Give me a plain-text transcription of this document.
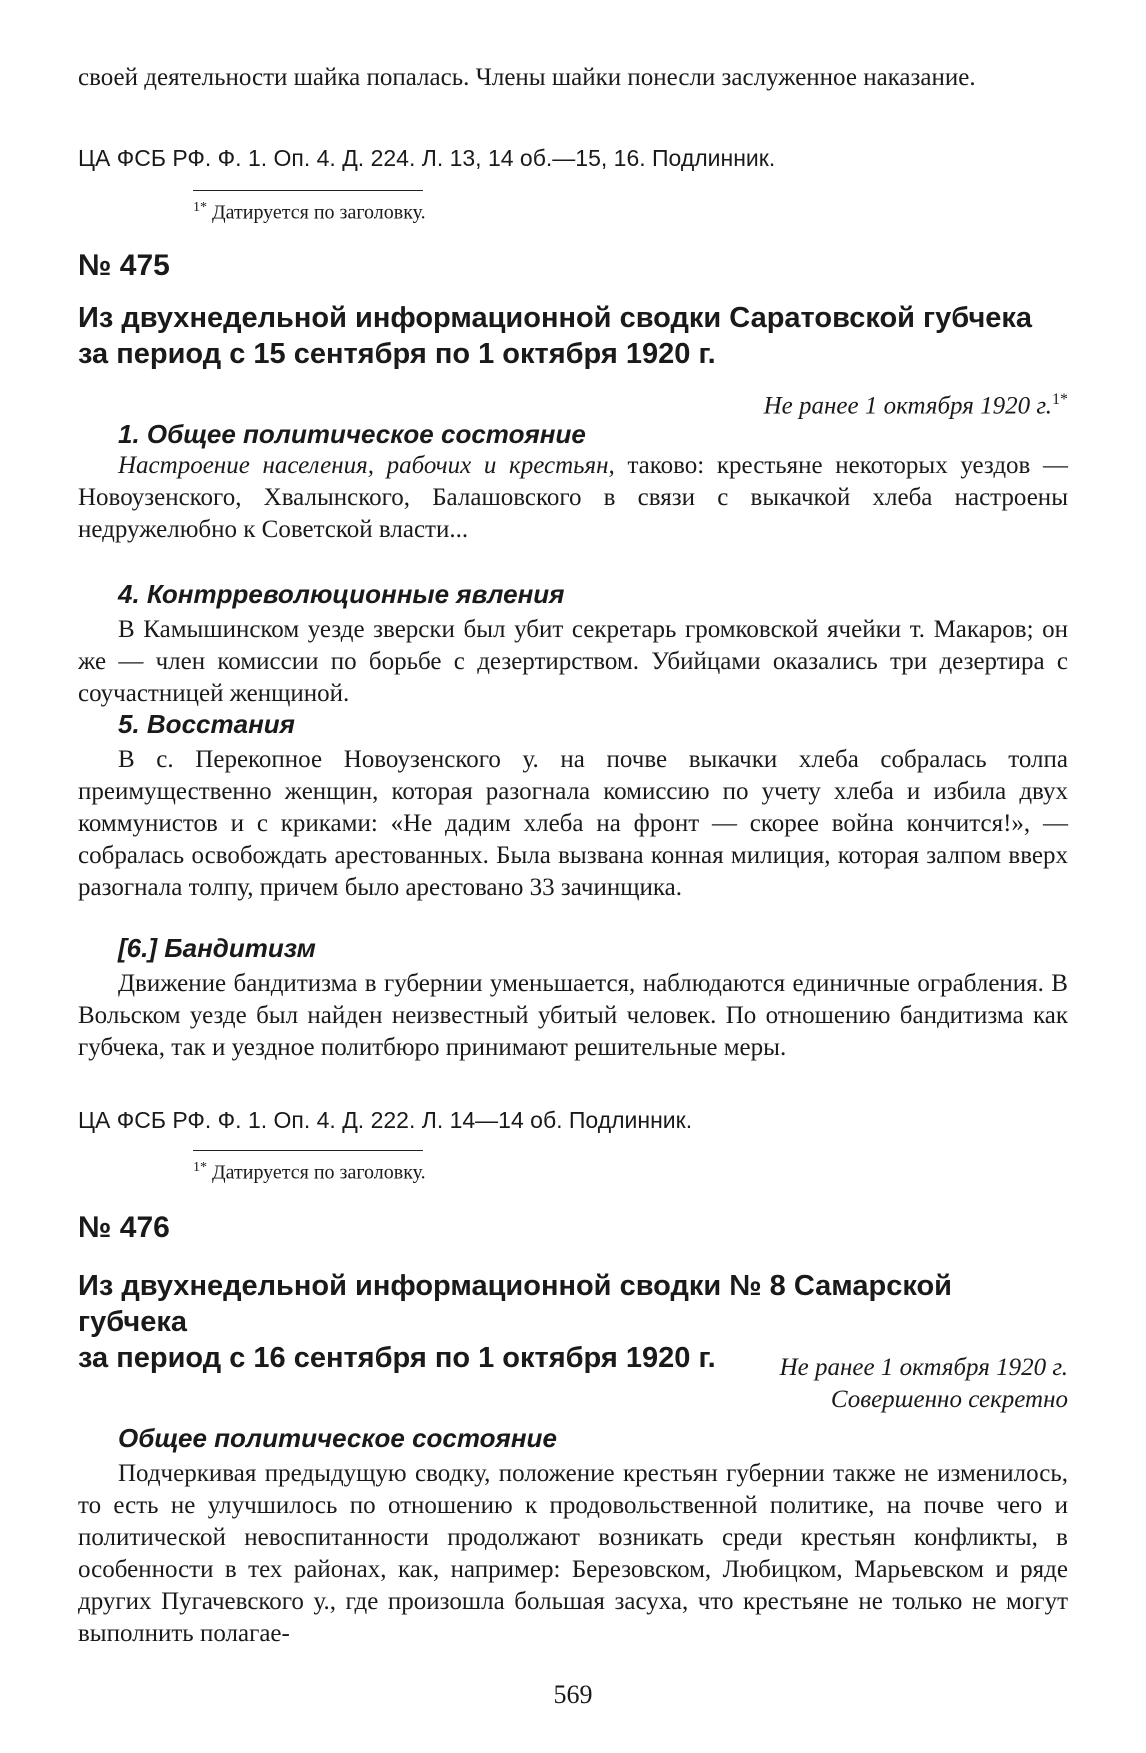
своей деятельности шайка попалась. Члены шайки понесли заслуженное наказание.

ЦА ФСБ РФ. Ф. 1. Оп. 4. Д. 224. Л. 13, 14 об.—15, 16. Подлинник.

$^{1*}$ Датируется по заголовку.

№ 475

Из двухнедельной информационной сводки Саратовской губчека

за период с 15 сентября по 1 октября 1920 г.

Не ранее 1 октября 1920 г.$^{1*}$

1. Общее политическое состояние

Настроение населения, рабочих и крестьян, таково: крестьяне некоторых уездов — Новоузенского, Хвалынского, Балашовского в связи с выкачкой хлеба настроены недружелюбно к Советской власти...

4. Контрреволюционные явления

В Камышинском уезде зверски был убит секретарь громковской ячейки т. Макаров; он же — член комиссии по борьбе с дезертирством. Убийцами оказались три дезертира с соучастницей женщиной.

5. Восстания

В с. Перекопное Новоузенского у. на почве выкачки хлеба собралась толпа преимущественно женщин, которая разогнала комиссию по учету хлеба и избила двух коммунистов и с криками: «Не дадим хлеба на фронт — скорее война кончится!», — собралась освобождать арестованных. Была вызвана конная милиция, которая залпом вверх разогнала толпу, причем было арестовано 33 зачинщика.

[6.] Бандитизм

Движение бандитизма в губернии уменьшается, наблюдаются единичные ограбления. В Вольском уезде был найден неизвестный убитый человек. По отношению бандитизма как губчека, так и уездное политбюро принимают решительные меры.

ЦА ФСБ РФ. Ф. 1. Оп. 4. Д. 222. Л. 14—14 об. Подлинник.

$^{1*}$ Датируется по заголовку.

№ 476

Из двухнедельной информационной сводки № 8 Самарской губчека

за период с 16 сентября по 1 октября 1920 г.	Не ранее 1 октября 1920 г.

Совершенно секретно

Общее политическое состояние

Подчеркивая предыдущую сводку, положение крестьян губернии также не изменилось, то есть не улучшилось по отношению к продовольственной политике, на почве чего и политической невоспитанности продолжают возникать среди крестьян конфликты, в особенности в тех районах, как, например: Березовском, Любицком, Марьевском и ряде других Пугачевского у., где произошла большая засуха, что крестьяне не только не могут выполнить полагае-

569
